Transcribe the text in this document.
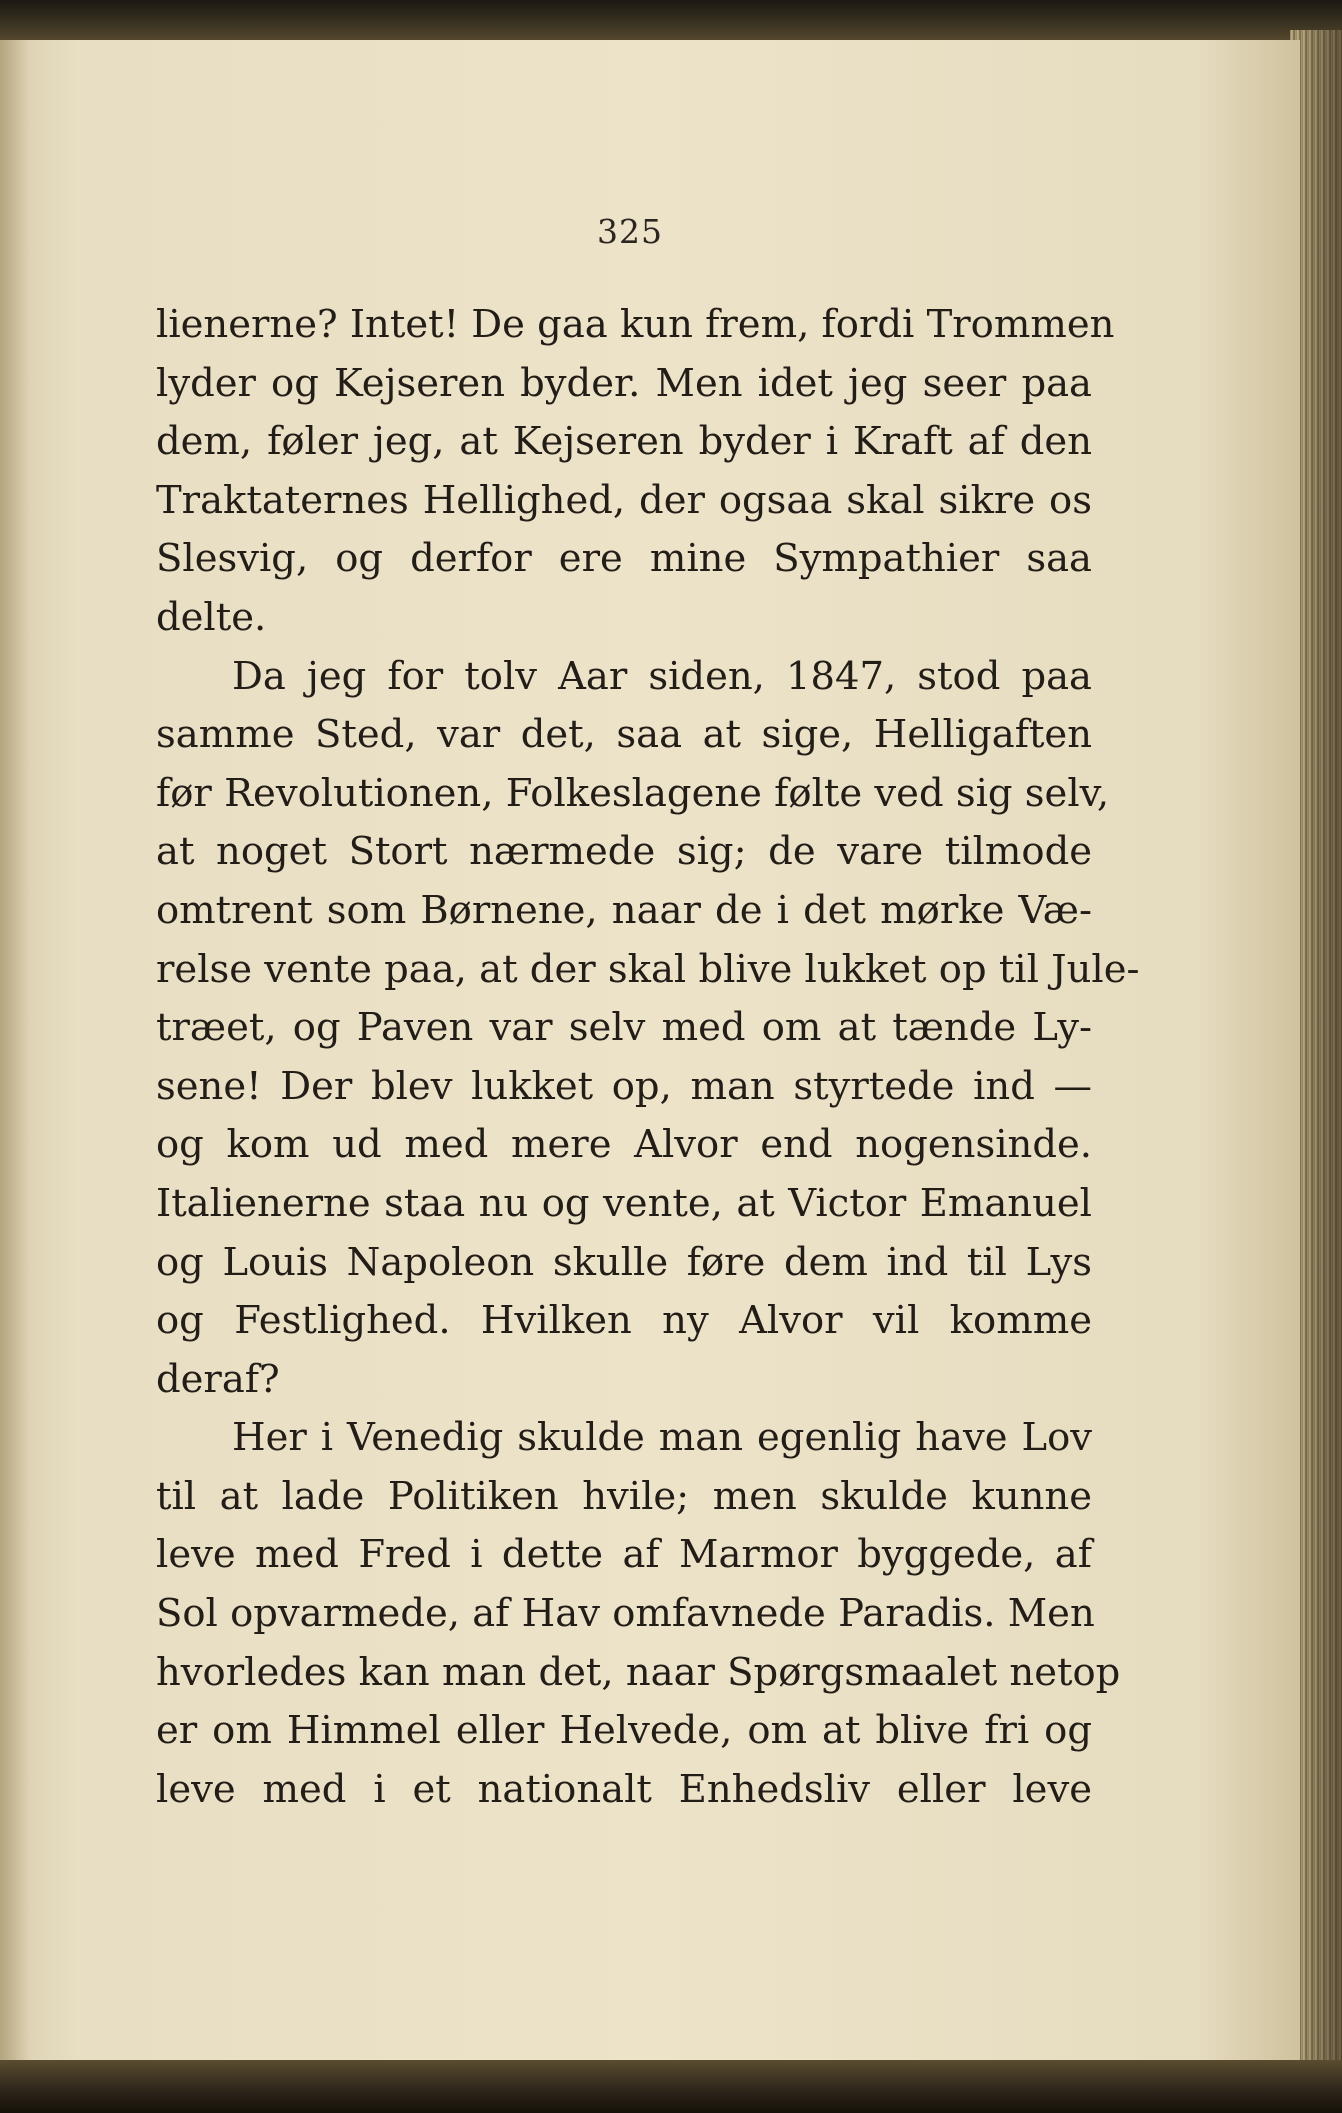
325
lienerne? Intet! De gaa kun frem, fordi Trommen
lyder og Kejseren byder. Men idet jeg seer paa
dem, føler jeg, at Kejseren byder i Kraft af den
Traktaternes Hellighed, der ogsaa skal sikre os
Slesvig, og derfor ere mine Sympathier saa
delte.
Da jeg for tolv Aar siden, 1847, stod paa
samme Sted, var det, saa at sige, Helligaften
før Revolutionen, Folkeslagene følte ved sig selv,
at noget Stort nærmede sig; de vare tilmode
omtrent som Børnene, naar de i det mørke Væ-
relse vente paa, at der skal blive lukket op til Jule-
træet, og Paven var selv med om at tænde Ly-
sene! Der blev lukket op, man styrtede ind —
og kom ud med mere Alvor end nogensinde.
Italienerne staa nu og vente, at Victor Emanuel
og Louis Napoleon skulle føre dem ind til Lys
og Festlighed. Hvilken ny Alvor vil komme
deraf?
Her i Venedig skulde man egenlig have Lov
til at lade Politiken hvile; men skulde kunne
leve med Fred i dette af Marmor byggede, af
Sol opvarmede, af Hav omfavnede Paradis. Men
hvorledes kan man det, naar Spørgsmaalet netop
er om Himmel eller Helvede, om at blive fri og
leve med i et nationalt Enhedsliv eller leve
